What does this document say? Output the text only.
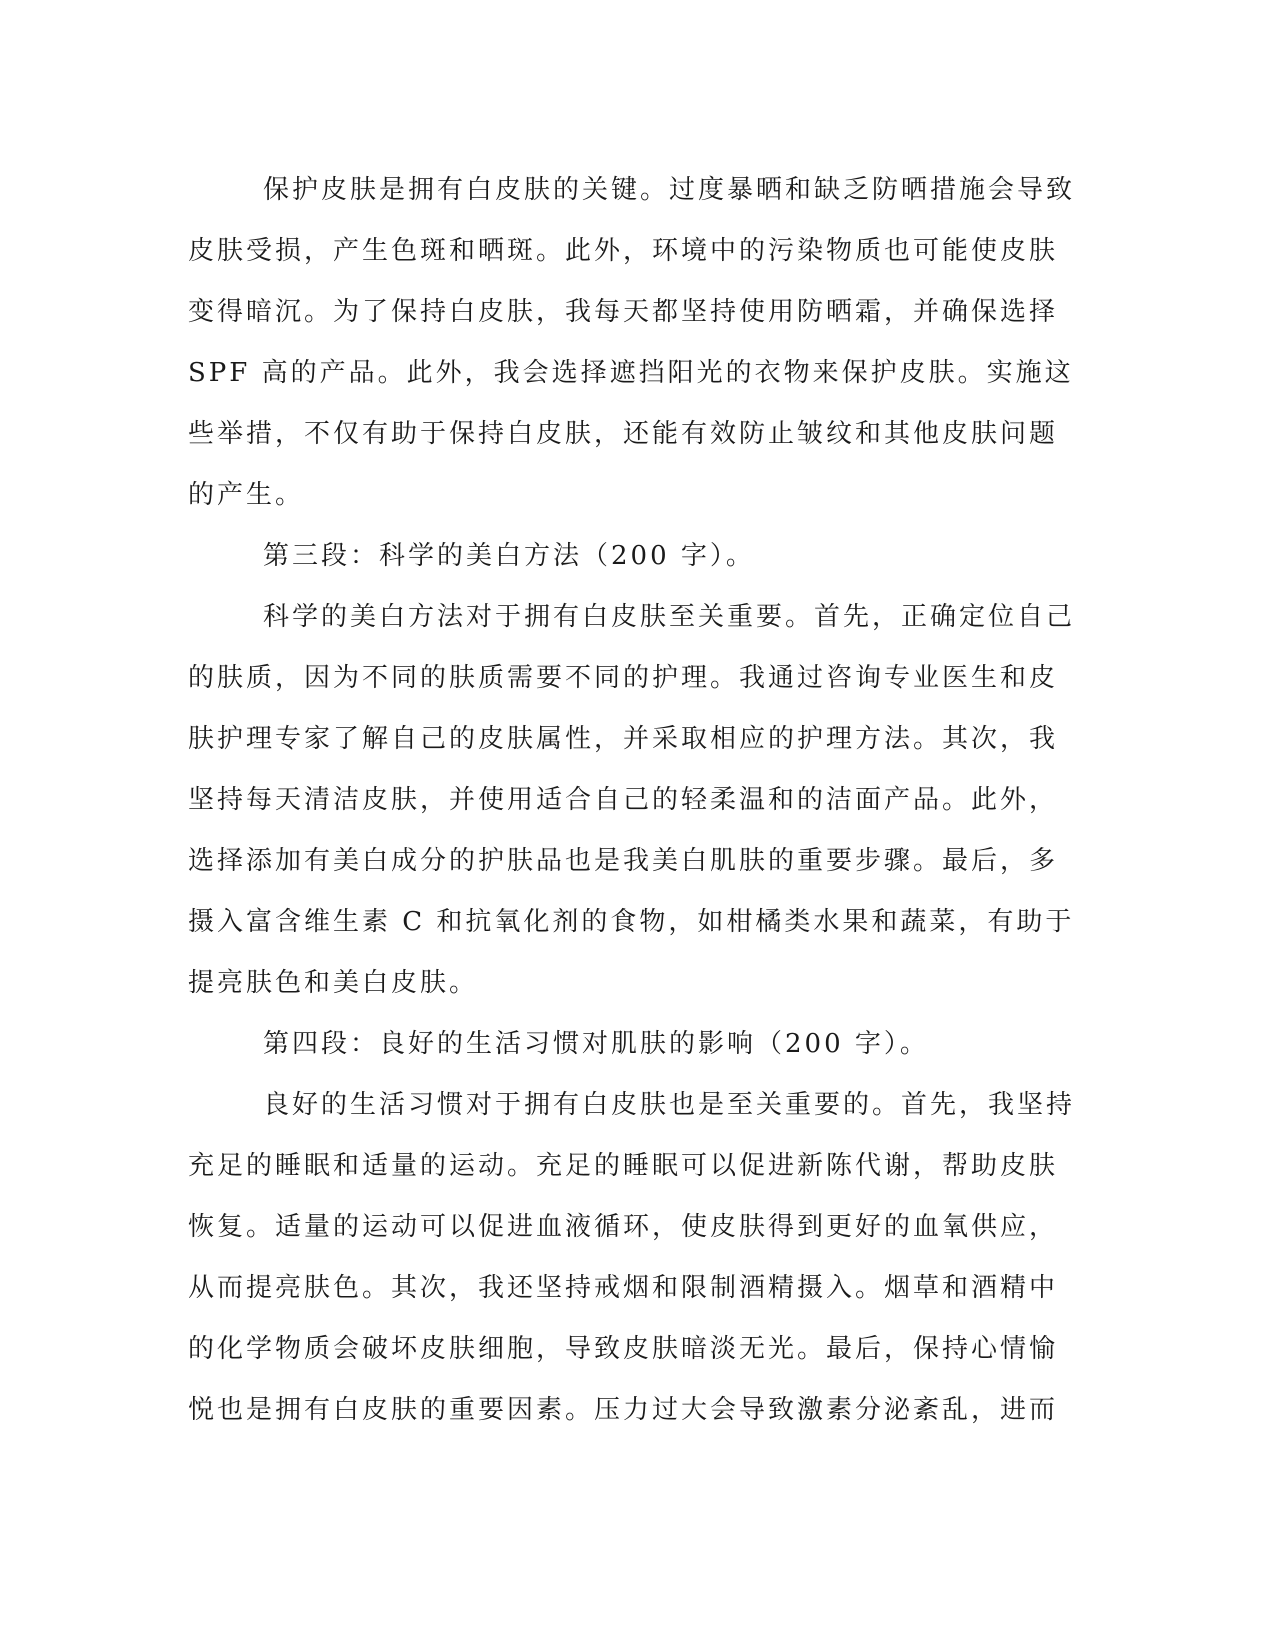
保护皮肤是拥有白皮肤的关键。过度暴晒和缺乏防晒措施会导致
皮肤受损，产生色斑和晒斑。此外，环境中的污染物质也可能使皮肤
变得暗沉。为了保持白皮肤，我每天都坚持使用防晒霜，并确保选择
SPF 高的产品。此外，我会选择遮挡阳光的衣物来保护皮肤。实施这
些举措，不仅有助于保持白皮肤，还能有效防止皱纹和其他皮肤问题
的产生。
第三段：科学的美白方法（200 字）。
科学的美白方法对于拥有白皮肤至关重要。首先，正确定位自己
的肤质，因为不同的肤质需要不同的护理。我通过咨询专业医生和皮
肤护理专家了解自己的皮肤属性，并采取相应的护理方法。其次，我
坚持每天清洁皮肤，并使用适合自己的轻柔温和的洁面产品。此外，
选择添加有美白成分的护肤品也是我美白肌肤的重要步骤。最后，多
摄入富含维生素 C 和抗氧化剂的食物，如柑橘类水果和蔬菜，有助于
提亮肤色和美白皮肤。
第四段：良好的生活习惯对肌肤的影响（200 字）。
良好的生活习惯对于拥有白皮肤也是至关重要的。首先，我坚持
充足的睡眠和适量的运动。充足的睡眠可以促进新陈代谢，帮助皮肤
恢复。适量的运动可以促进血液循环，使皮肤得到更好的血氧供应，
从而提亮肤色。其次，我还坚持戒烟和限制酒精摄入。烟草和酒精中
的化学物质会破坏皮肤细胞，导致皮肤暗淡无光。最后，保持心情愉
悦也是拥有白皮肤的重要因素。压力过大会导致激素分泌紊乱，进而
